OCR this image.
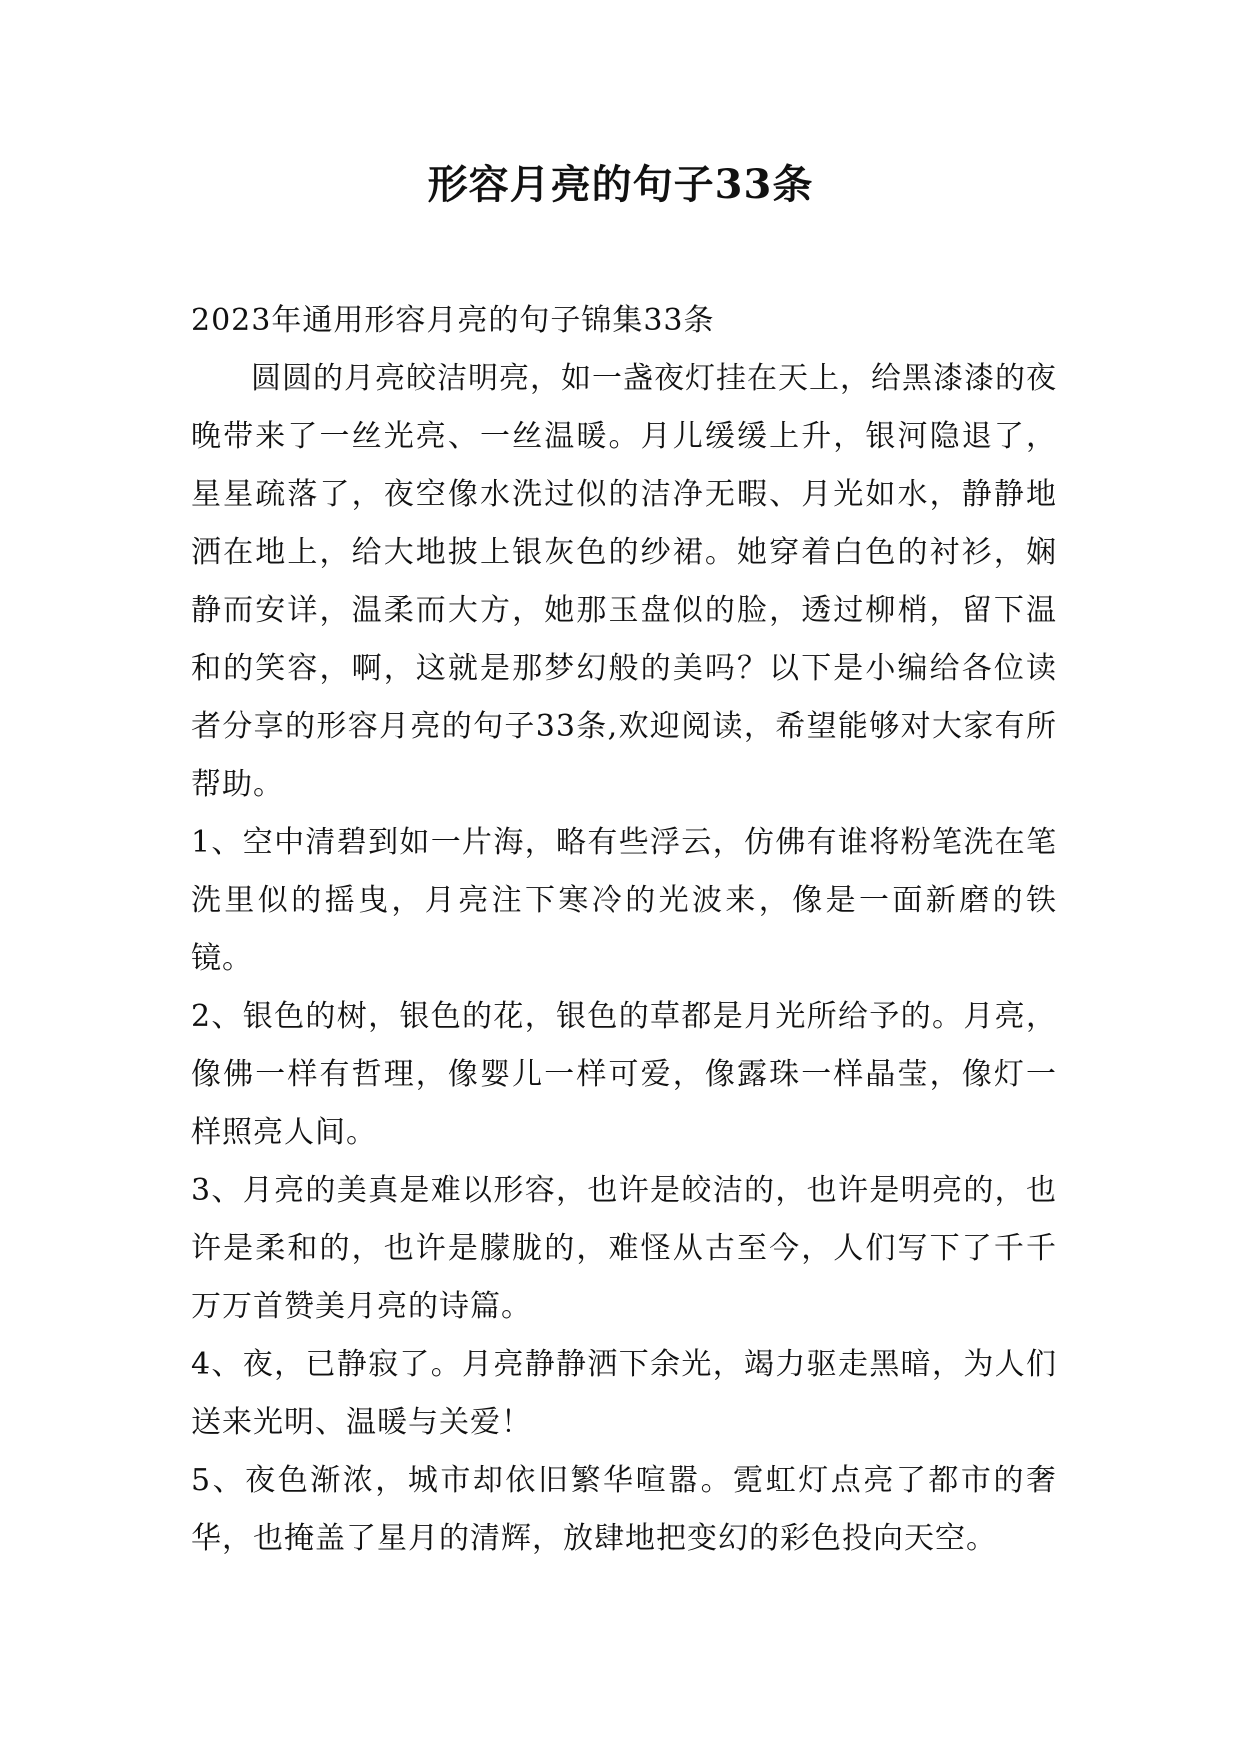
形容月亮的句子33条

2023年通用形容月亮的句子锦集33条

圆圆的月亮皎洁明亮，如一盏夜灯挂在天上，给黑漆漆的夜晚带来了一丝光亮、一丝温暖。月儿缓缓上升，银河隐退了，星星疏落了，夜空像水洗过似的洁净无暇、月光如水，静静地洒在地上，给大地披上银灰色的纱裙。她穿着白色的衬衫，娴静而安详，温柔而大方，她那玉盘似的脸，透过柳梢，留下温和的笑容，啊，这就是那梦幻般的美吗？以下是小编给各位读者分享的形容月亮的句子33条,欢迎阅读，希望能够对大家有所帮助。

1、空中清碧到如一片海，略有些浮云，仿佛有谁将粉笔洗在笔洗里似的摇曳，月亮注下寒冷的光波来，像是一面新磨的铁镜。

2、银色的树，银色的花，银色的草都是月光所给予的。月亮，像佛一样有哲理，像婴儿一样可爱，像露珠一样晶莹，像灯一样照亮人间。

3、月亮的美真是难以形容，也许是皎洁的，也许是明亮的，也许是柔和的，也许是朦胧的，难怪从古至今，人们写下了千千万万首赞美月亮的诗篇。

4、夜，已静寂了。月亮静静洒下余光，竭力驱走黑暗，为人们送来光明、温暖与关爱！

5、夜色渐浓，城市却依旧繁华喧嚣。霓虹灯点亮了都市的奢华，也掩盖了星月的清辉，放肆地把变幻的彩色投向天空。
